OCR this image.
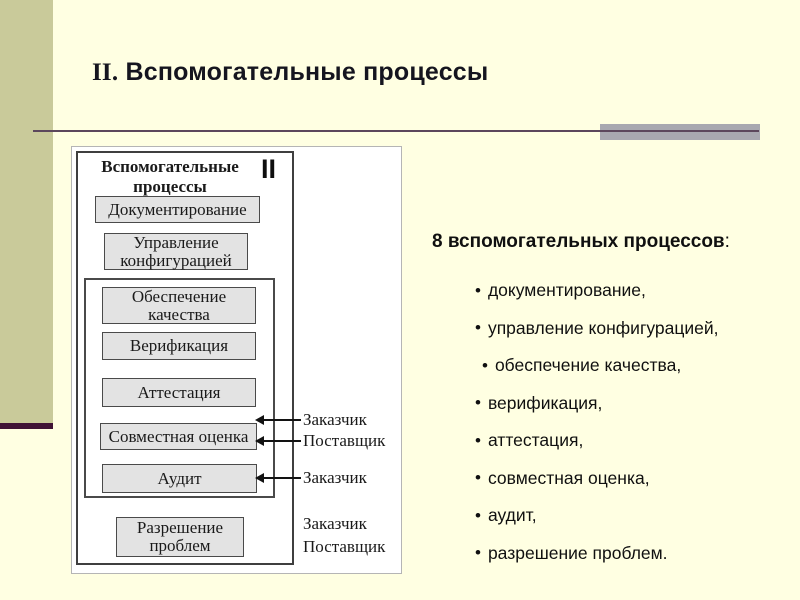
II. Вспомогательные процессы
Вспомогательные процессы
II
Документирование
Управление конфигурацией
Обеспечение качества
Верификация
Аттестация
Совместная оценка
Аудит
Разрешение проблем
Заказчик
Поставщик
Заказчик
Заказчик
Поставщик
8 вспомогательных процессов:
• документирование,
• управление конфигурацией,
• обеспечение качества,
• верификация,
• аттестация,
• совместная оценка,
• аудит,
• разрешение проблем.
